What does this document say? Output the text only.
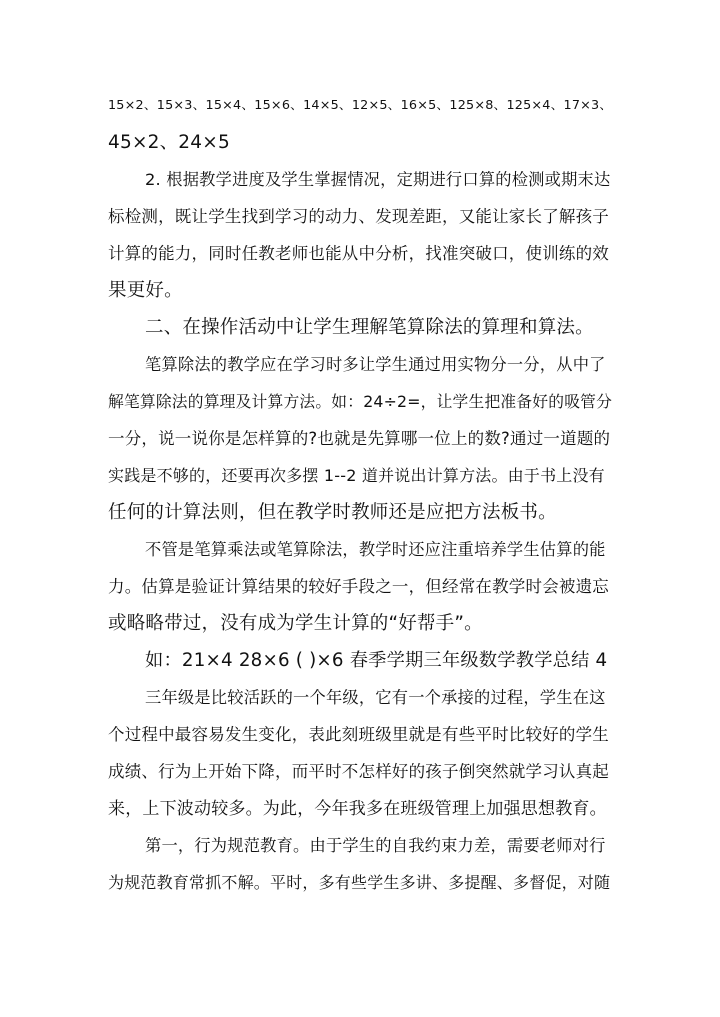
15×2、15×3、15×4、15×6、14×5、12×5、16×5、125×8、125×4、17×3、
45×2、24×5
2. 根据教学进度及学生掌握情况，定期进行口算的检测或期末达
标检测，既让学生找到学习的动力、发现差距，又能让家长了解孩子
计算的能力，同时任教老师也能从中分析，找准突破口，使训练的效
果更好。
二、在操作活动中让学生理解笔算除法的算理和算法。
笔算除法的教学应在学习时多让学生通过用实物分一分，从中了
解笔算除法的算理及计算方法。如：24÷2=，让学生把准备好的吸管分
一分，说一说你是怎样算的?也就是先算哪一位上的数?通过一道题的
实践是不够的，还要再次多摆 1--2 道并说出计算方法。由于书上没有
任何的计算法则，但在教学时教师还是应把方法板书。
不管是笔算乘法或笔算除法，教学时还应注重培养学生估算的能
力。估算是验证计算结果的较好手段之一，但经常在教学时会被遗忘
或略略带过，没有成为学生计算的“好帮手”。
如：21×4 28×6 ( )×6 春季学期三年级数学教学总结 4
三年级是比较活跃的一个年级，它有一个承接的过程，学生在这
个过程中最容易发生变化，表此刻班级里就是有些平时比较好的学生
成绩、行为上开始下降，而平时不怎样好的孩子倒突然就学习认真起
来，上下波动较多。为此，今年我多在班级管理上加强思想教育。
第一，行为规范教育。由于学生的自我约束力差，需要老师对行
为规范教育常抓不解。平时，多有些学生多讲、多提醒、多督促，对随
